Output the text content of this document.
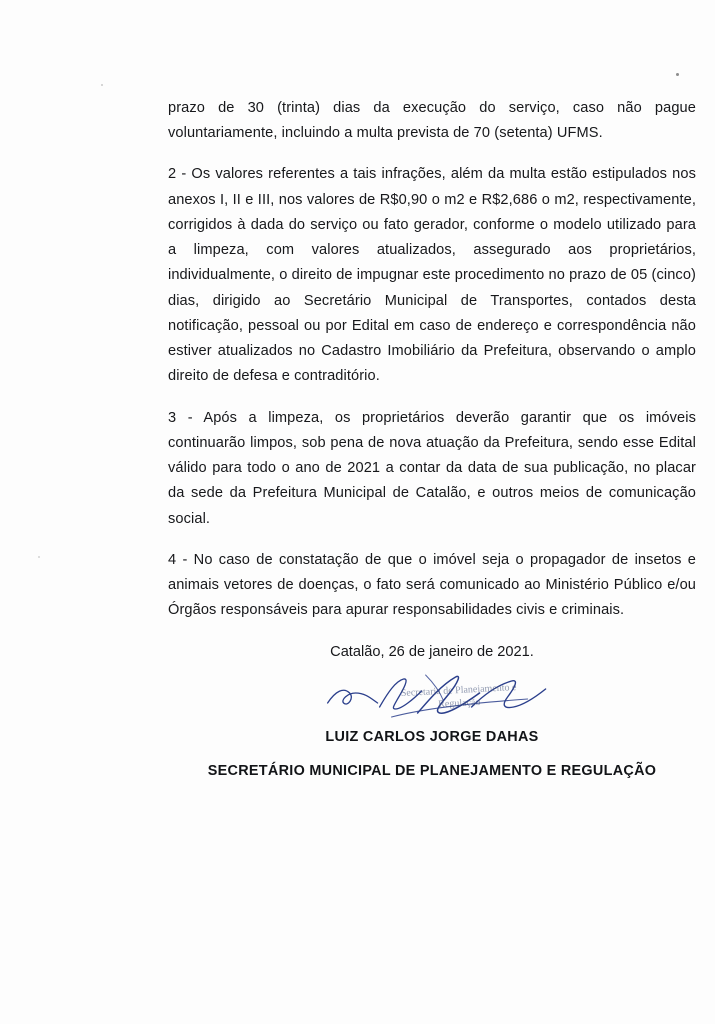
prazo de 30 (trinta) dias da execução do serviço, caso não pague voluntariamente, incluindo a multa prevista de 70 (setenta) UFMS.

2 - Os valores referentes a tais infrações, além da multa estão estipulados nos anexos I, II e III, nos valores de R$0,90 o m2 e R$2,686 o m2, respectivamente, corrigidos à dada do serviço ou fato gerador, conforme o modelo utilizado para a limpeza, com valores atualizados, assegurado aos proprietários, individualmente, o direito de impugnar este procedimento no prazo de 05 (cinco) dias, dirigido ao Secretário Municipal de Transportes, contados desta notificação, pessoal ou por Edital em caso de endereço e correspondência não estiver atualizados no Cadastro Imobiliário da Prefeitura, observando o amplo direito de defesa e contraditório.

3 - Após a limpeza, os proprietários deverão garantir que os imóveis continuarão limpos, sob pena de nova atuação da Prefeitura, sendo esse Edital válido para todo o ano de 2021 a contar da data de sua publicação, no placar da sede da Prefeitura Municipal de Catalão, e outros meios de comunicação social.

4 - No caso de constatação de que o imóvel seja o propagador de insetos e animais vetores de doenças, o fato será comunicado ao Ministério Público e/ou Órgãos responsáveis para apurar responsabilidades civis e criminais.

Catalão, 26 de janeiro de 2021.

Secretaria de Planejamento e Regulação

LUIZ CARLOS JORGE DAHAS

SECRETÁRIO MUNICIPAL DE PLANEJAMENTO E REGULAÇÃO
